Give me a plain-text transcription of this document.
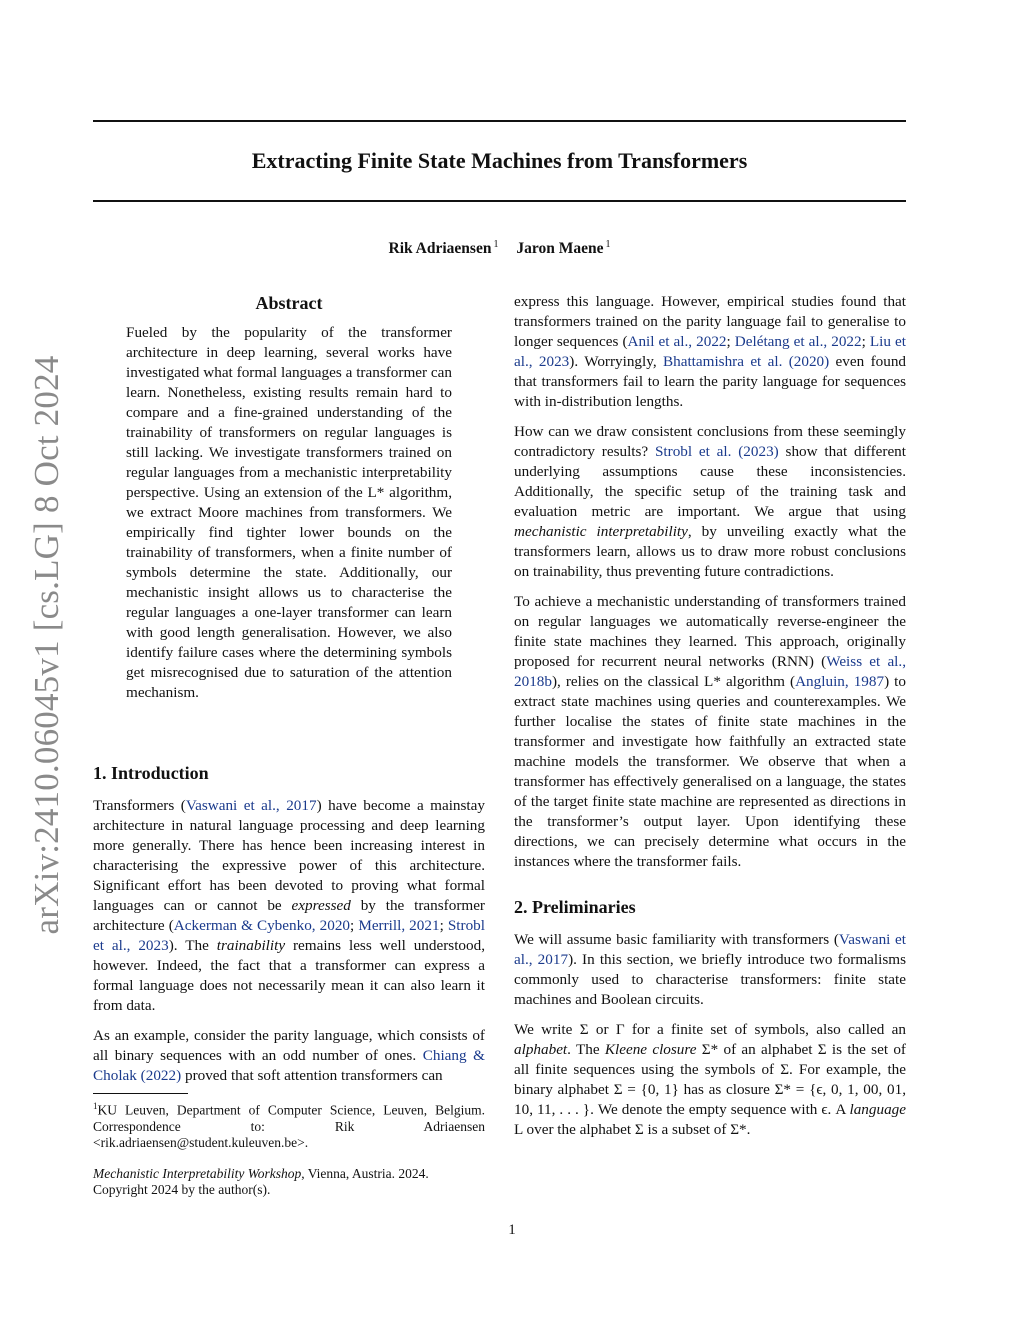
arXiv:2410.06045v1 [cs.LG] 8 Oct 2024
Extracting Finite State Machines from Transformers
Rik Adriaensen $^1$ Jaron Maene $^1$
Abstract

Fueled by the popularity of the transformer architecture in deep learning, several works have investigated what formal languages a transformer can learn. Nonetheless, existing results remain hard to compare and a fine-grained understanding of the trainability of transformers on regular languages is still lacking. We investigate transformers trained on regular languages from a mechanistic interpretability perspective. Using an extension of the L* algorithm, we extract Moore machines from transformers. We empirically find tighter lower bounds on the trainability of transformers, when a finite number of symbols determine the state. Additionally, our mechanistic insight allows us to characterise the regular languages a one-layer transformer can learn with good length generalisation. However, we also identify failure cases where the determining symbols get misrecognised due to saturation of the attention mechanism.

1. Introduction

Transformers (Vaswani et al., 2017) have become a mainstay architecture in natural language processing and deep learning more generally. There has hence been increasing interest in characterising the expressive power of this architecture. Significant effort has been devoted to proving what formal languages can or cannot be expressed by the transformer architecture (Ackerman & Cybenko, 2020; Merrill, 2021; Strobl et al., 2023). The trainability remains less well understood, however. Indeed, the fact that a transformer can express a formal language does not necessarily mean it can also learn it from data.

As an example, consider the parity language, which consists of all binary sequences with an odd number of ones. Chiang & Cholak (2022) proved that soft attention transformers can

$^1$KU Leuven, Department of Computer Science, Leuven, Belgium. Correspondence to: Rik Adriaensen <rik.adriaensen@student.kuleuven.be>.
Mechanistic Interpretability Workshop, Vienna, Austria. 2024. Copyright 2024 by the author(s).

express this language. However, empirical studies found that transformers trained on the parity language fail to generalise to longer sequences (Anil et al., 2022; Delétang et al., 2022; Liu et al., 2023). Worryingly, Bhattamishra et al. (2020) even found that transformers fail to learn the parity language for sequences with in-distribution lengths.

How can we draw consistent conclusions from these seemingly contradictory results? Strobl et al. (2023) show that different underlying assumptions cause these inconsistencies. Additionally, the specific setup of the training task and evaluation metric are important. We argue that using mechanistic interpretability, by unveiling exactly what the transformers learn, allows us to draw more robust conclusions on trainability, thus preventing future contradictions.

To achieve a mechanistic understanding of transformers trained on regular languages we automatically reverse-engineer the finite state machines they learned. This approach, originally proposed for recurrent neural networks (RNN) (Weiss et al., 2018b), relies on the classical L* algorithm (Angluin, 1987) to extract state machines using queries and counterexamples. We further localise the states of finite state machines in the transformer and investigate how faithfully an extracted state machine models the transformer. We observe that when a transformer has effectively generalised on a language, the states of the target finite state machine are represented as directions in the transformer’s output layer. Upon identifying these directions, we can precisely determine what occurs in the instances where the transformer fails.

2. Preliminaries

We will assume basic familiarity with transformers (Vaswani et al., 2017). In this section, we briefly introduce two formalisms commonly used to characterise transformers: finite state machines and Boolean circuits.

We write Σ or Γ for a finite set of symbols, also called an alphabet. The Kleene closure Σ* of an alphabet Σ is the set of all finite sequences using the symbols of Σ. For example, the binary alphabet Σ = {0, 1} has as closure Σ* = {ϵ, 0, 1, 00, 01, 10, 11, . . . }. We denote the empty sequence with ϵ. A language L over the alphabet Σ is a subset of Σ*.

1
